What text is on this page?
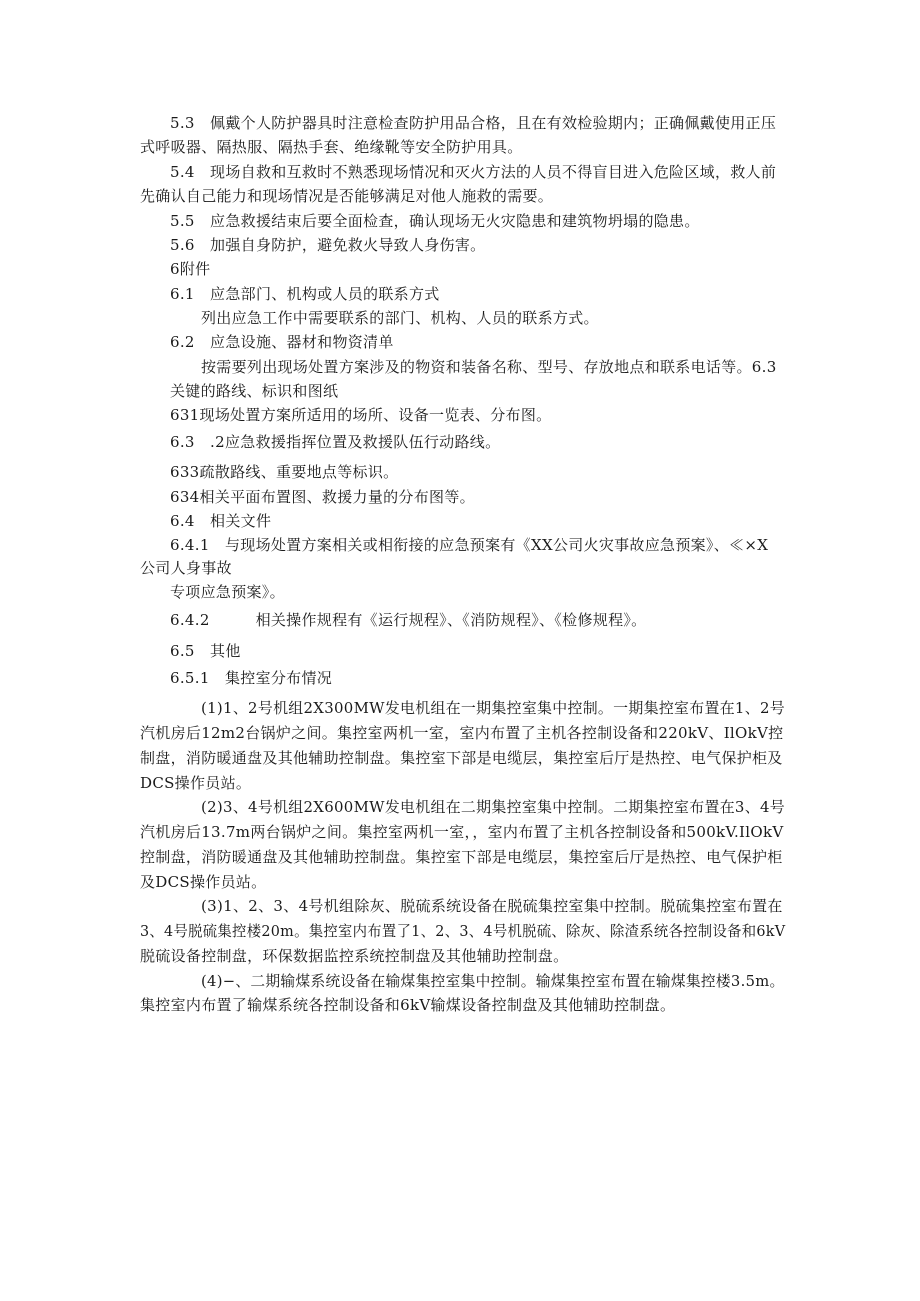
5.3　佩戴个人防护器具时注意检查防护用品合格，且在有效检验期内；正确佩戴使用正压
式呼吸器、隔热服、隔热手套、绝缘靴等安全防护用具。
5.4　现场自救和互救时不熟悉现场情况和灭火方法的人员不得盲目进入危险区域，救人前
先确认自己能力和现场情况是否能够满足对他人施救的需要。
5.5　应急救援结束后要全面检查，确认现场无火灾隐患和建筑物坍塌的隐患。
5.6　加强自身防护，避免救火导致人身伤害。
6附件
6.1　应急部门、机构或人员的联系方式
列出应急工作中需要联系的部门、机构、人员的联系方式。
6.2　应急设施、器材和物资清单
按需要列出现场处置方案涉及的物资和装备名称、型号、存放地点和联系电话等。6.3
关键的路线、标识和图纸
631现场处置方案所适用的场所、设备一览表、分布图。
6.3　.2应急救援指挥位置及救援队伍行动路线。
633疏散路线、重要地点等标识。
634相关平面布置图、救援力量的分布图等。
6.4　相关文件
6.4.1　与现场处置方案相关或相衔接的应急预案有《XX公司火灾事故应急预案》、≪×X
公司人身事故
专项应急预案》。
6.4.2　　　相关操作规程有《运行规程》、《消防规程》、《检修规程》。
6.5　其他
6.5.1　集控室分布情况
(1)1、2号机组2X300MW发电机组在一期集控室集中控制。一期集控室布置在1、2号
汽机房后12m2台锅炉之间。集控室两机一室，室内布置了主机各控制设备和220kV、IlOkV控
制盘，消防暖通盘及其他辅助控制盘。集控室下部是电缆层，集控室后厅是热控、电气保护柜及
DCS操作员站。
(2)3、4号机组2X600MW发电机组在二期集控室集中控制。二期集控室布置在3、4号
汽机房后13.7m两台锅炉之间。集控室两机一室，，室内布置了主机各控制设备和500kV.IlOkV
控制盘，消防暖通盘及其他辅助控制盘。集控室下部是电缆层，集控室后厅是热控、电气保护柜
及DCS操作员站。
(3)1、2、3、4号机组除灰、脱硫系统设备在脱硫集控室集中控制。脱硫集控室布置在
3、4号脱硫集控楼20m。集控室内布置了1、2、3、4号机脱硫、除灰、除渣系统各控制设备和6kV
脱硫设备控制盘，环保数据监控系统控制盘及其他辅助控制盘。
(4)−、二期输煤系统设备在输煤集控室集中控制。输煤集控室布置在输煤集控楼3.5m。
集控室内布置了输煤系统各控制设备和6kV输煤设备控制盘及其他辅助控制盘。
